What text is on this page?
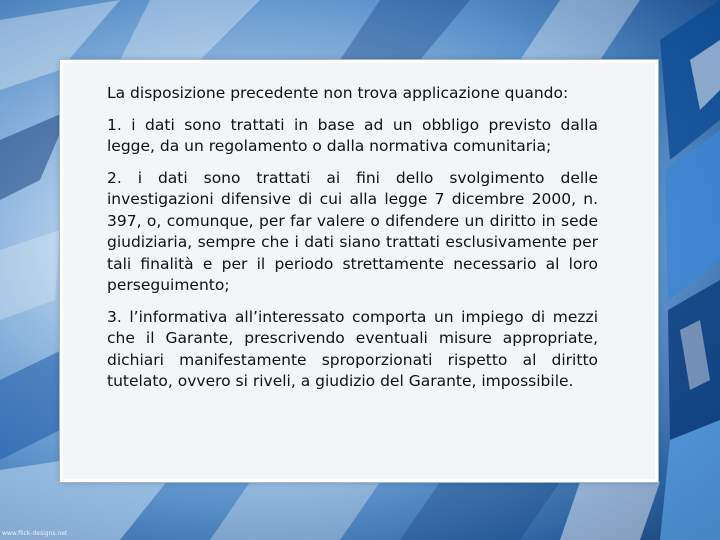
La disposizione precedente non trova applicazione quando:

1. i dati sono trattati in base ad un obbligo previsto dalla legge, da un regolamento o dalla normativa comunitaria;

2. i dati sono trattati ai fini dello svolgimento delle investigazioni difensive di cui alla legge 7 dicembre 2000, n. 397, o, comunque, per far valere o difendere un diritto in sede giudiziaria, sempre che i dati siano trattati esclusivamente per tali finalità e per il periodo strettamente necessario al loro perseguimento;

3. l’informativa all’interessato comporta un impiego di mezzi che il Garante, prescrivendo eventuali misure appropriate, dichiari manifestamente sproporzionati rispetto al diritto tutelato, ovvero si riveli, a giudizio del Garante, impossibile.

www.flick-designs.net
